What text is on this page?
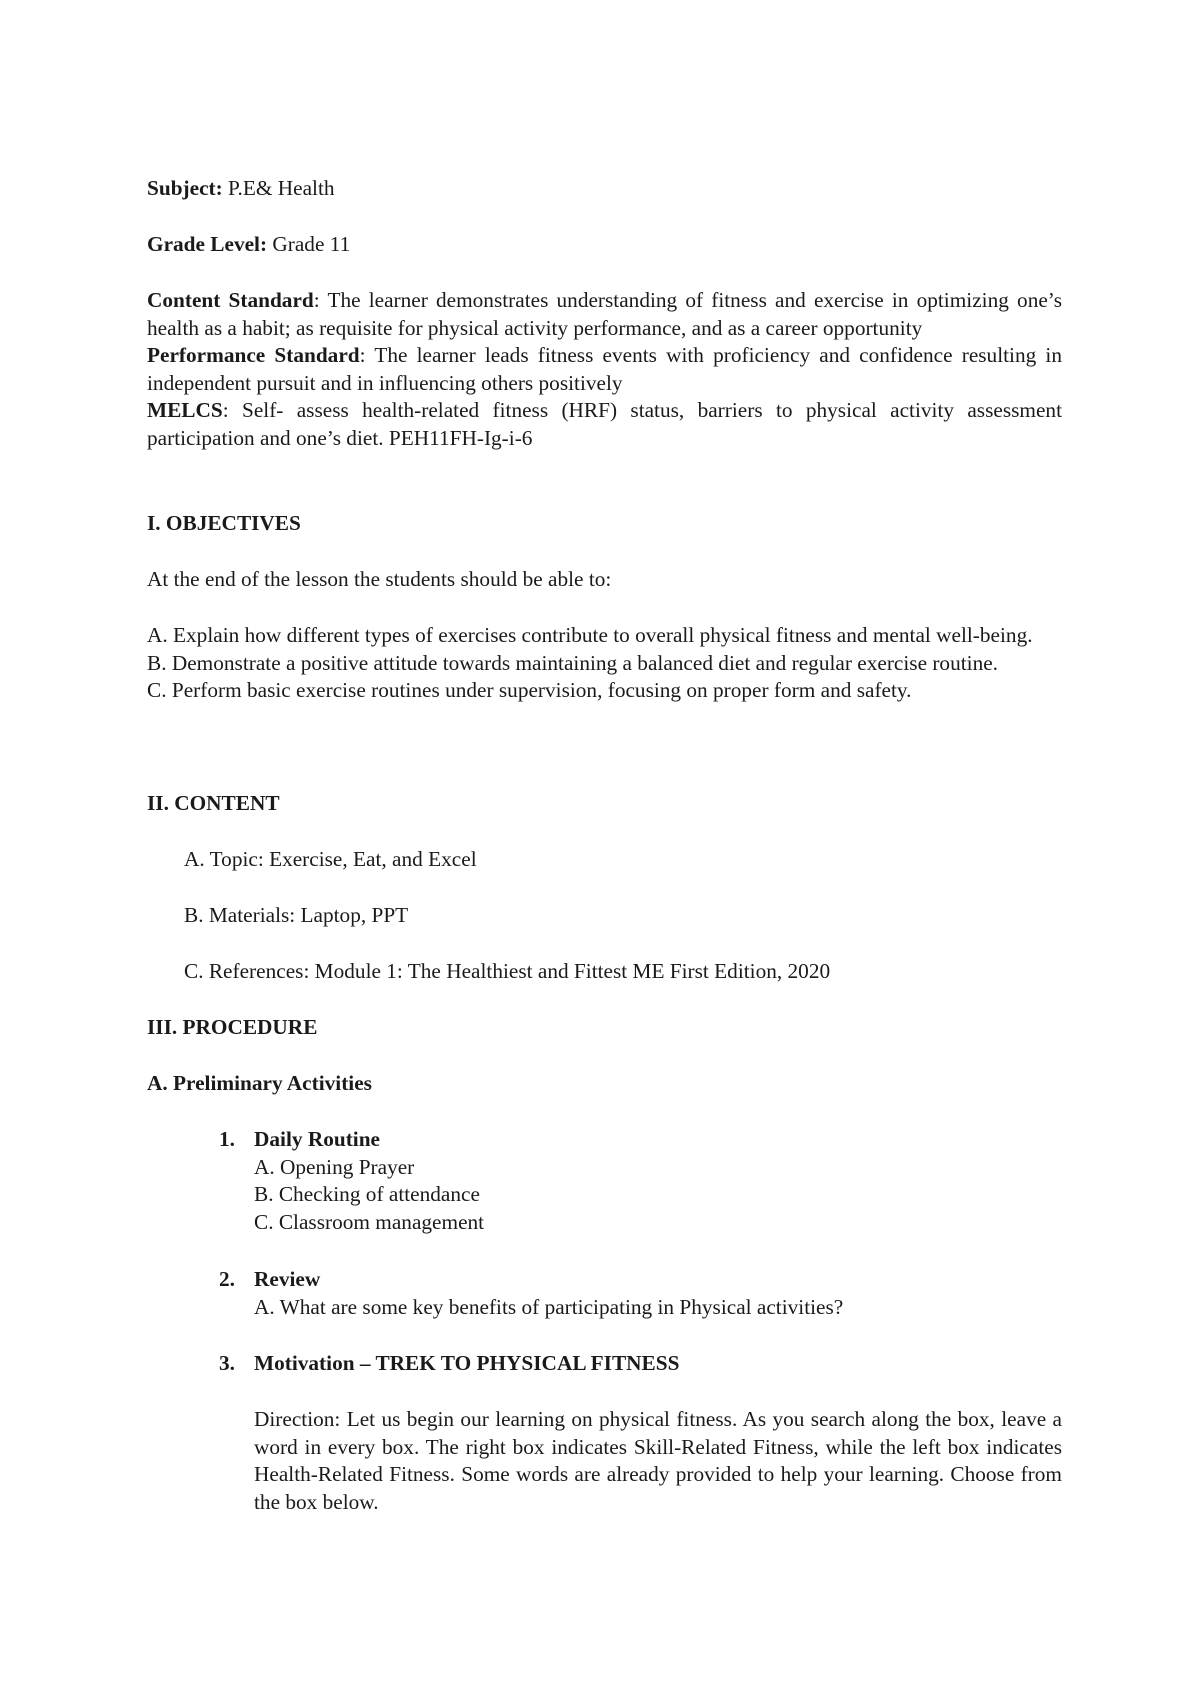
Subject: P.E& Health

Grade Level: Grade 11

Content Standard: The learner demonstrates understanding of fitness and exercise in optimizing one’s health as a habit; as requisite for physical activity performance, and as a career opportunity
Performance Standard: The learner leads fitness events with proficiency and confidence resulting in independent pursuit and in influencing others positively
MELCS: Self- assess health-related fitness (HRF) status, barriers to physical activity assessment participation and one’s diet. PEH11FH-Ig-i-6

I. OBJECTIVES

At the end of the lesson the students should be able to:

A. Explain how different types of exercises contribute to overall physical fitness and mental well-being.
B. Demonstrate a positive attitude towards maintaining a balanced diet and regular exercise routine.
C. Perform basic exercise routines under supervision, focusing on proper form and safety.

II. CONTENT

A. Topic: Exercise, Eat, and Excel

B. Materials: Laptop, PPT

C. References: Module 1: The Healthiest and Fittest ME First Edition, 2020

III. PROCEDURE

A. Preliminary Activities

1. Daily Routine
A. Opening Prayer
B. Checking of attendance
C. Classroom management
2. Review
A. What are some key benefits of participating in Physical activities?
3. Motivation – TREK TO PHYSICAL FITNESS
Direction: Let us begin our learning on physical fitness. As you search along the box, leave a word in every box. The right box indicates Skill-Related Fitness, while the left box indicates Health-Related Fitness. Some words are already provided to help your learning. Choose from the box below.
